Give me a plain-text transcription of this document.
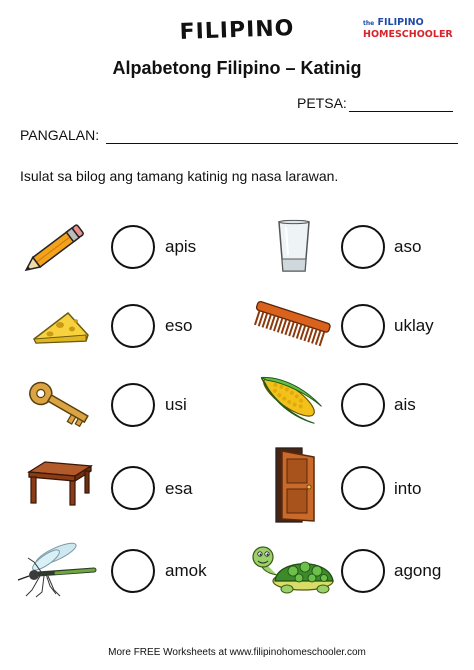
FILIPINO	the FILIPINO
HOMESCHOOLER
Alpabetong Filipino – Katinig
PETSA:
PANGALAN:
Isulat sa bilog ang tamang katinig ng nasa larawan.
apis	aso
eso	uklay
usi	ais
esa	into
amok	agong
More FREE Worksheets at www.filipinohomeschooler.com
